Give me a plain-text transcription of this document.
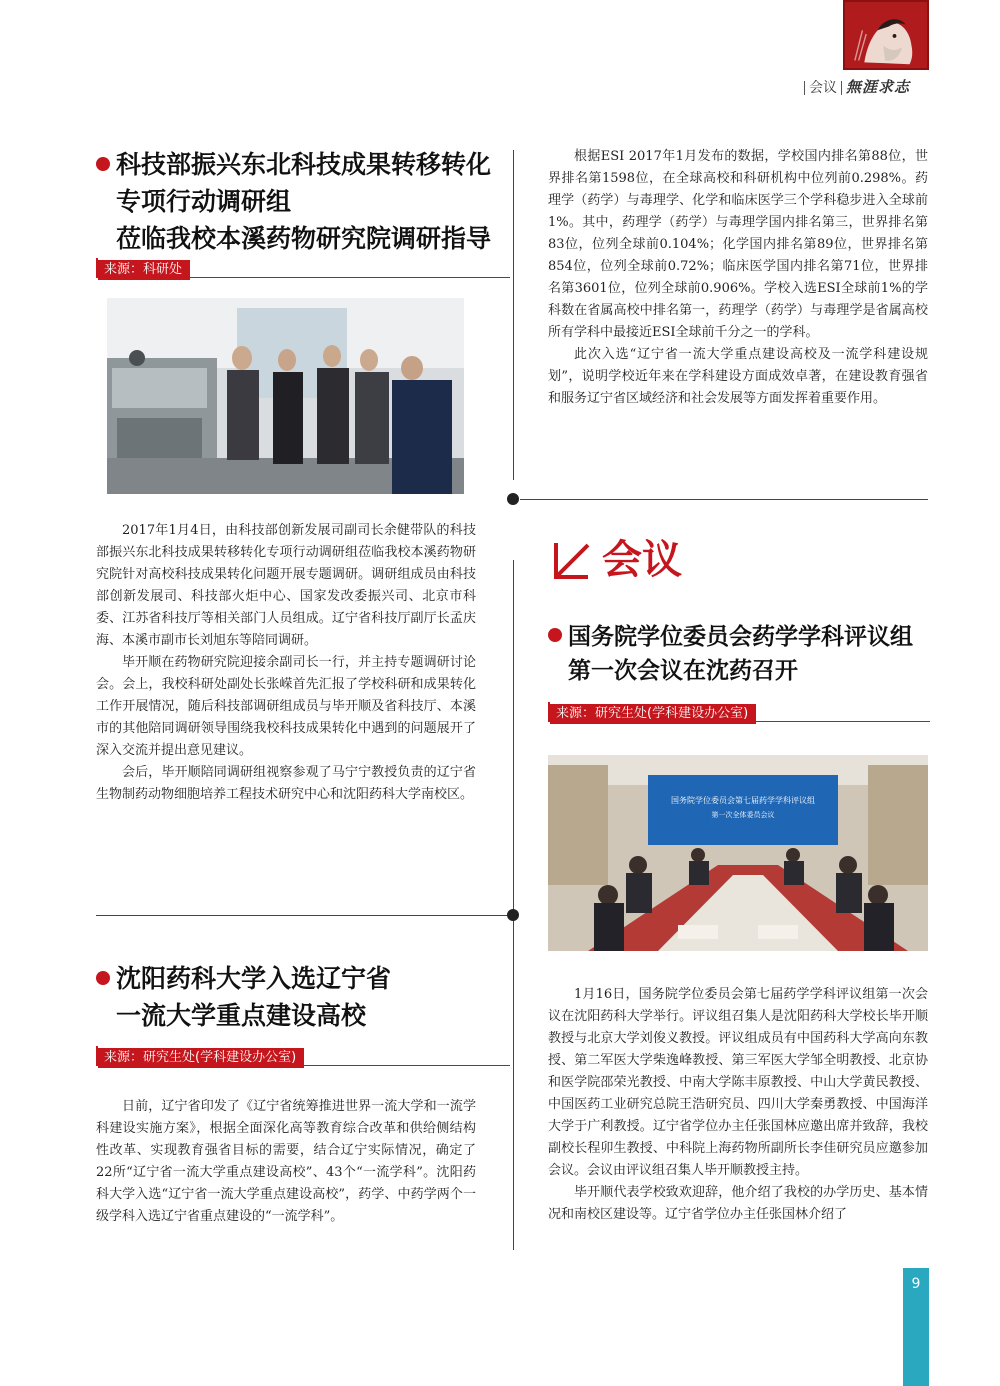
会议 無涯求志
科技部振兴东北科技成果转移转化
专项行动调研组
莅临我校本溪药物研究院调研指导
来源：科研处

2017年1月4日，由科技部创新发展司副司长余健带队的科技部振兴东北科技成果转移转化专项行动调研组莅临我校本溪药物研究院针对高校科技成果转化问题开展专题调研。调研组成员由科技部创新发展司、科技部火炬中心、国家发改委振兴司、北京市科委、江苏省科技厅等相关部门人员组成。辽宁省科技厅副厅长孟庆海、本溪市副市长刘旭东等陪同调研。

毕开顺在药物研究院迎接余副司长一行，并主持专题调研讨论会。会上，我校科研处副处长张嵘首先汇报了学校科研和成果转化工作开展情况，随后科技部调研组成员与毕开顺及省科技厅、本溪市的其他陪同调研领导围绕我校科技成果转化中遇到的问题展开了深入交流并提出意见建议。

会后，毕开顺陪同调研组视察参观了马宁宁教授负责的辽宁省生物制药动物细胞培养工程技术研究中心和沈阳药科大学南校区。

沈阳药科大学入选辽宁省
一流大学重点建设高校
来源：研究生处(学科建设办公室)

日前，辽宁省印发了《辽宁省统筹推进世界一流大学和一流学科建设实施方案》，根据全面深化高等教育综合改革和供给侧结构性改革、实现教育强省目标的需要，结合辽宁实际情况，确定了22所“辽宁省一流大学重点建设高校”、43个“一流学科”。沈阳药科大学入选“辽宁省一流大学重点建设高校”，药学、中药学两个一级学科入选辽宁省重点建设的“一流学科”。

根据ESI 2017年1月发布的数据，学校国内排名第88位，世界排名第1598位，在全球高校和科研机构中位列前0.298%。药理学（药学）与毒理学、化学和临床医学三个学科稳步进入全球前1%。其中，药理学（药学）与毒理学国内排名第三，世界排名第83位，位列全球前0.104%；化学国内排名第89位，世界排名第854位，位列全球前0.72%；临床医学国内排名第71位，世界排名第3601位，位列全球前0.906%。学校入选ESI全球前1%的学科数在省属高校中排名第一，药理学（药学）与毒理学是省属高校所有学科中最接近ESI全球前千分之一的学科。

此次入选“辽宁省一流大学重点建设高校及一流学科建设规划”，说明学校近年来在学科建设方面成效卓著，在建设教育强省和服务辽宁省区域经济和社会发展等方面发挥着重要作用。

会议
国务院学位委员会药学学科评议组
第一次会议在沈药召开
来源：研究生处(学科建设办公室)
国务院学位委员会第七届药学学科评议组
第一次全体委员会议

1月16日，国务院学位委员会第七届药学学科评议组第一次会议在沈阳药科大学举行。评议组召集人是沈阳药科大学校长毕开顺教授与北京大学刘俊义教授。评议组成员有中国药科大学高向东教授、第二军医大学柴逸峰教授、第三军医大学邹全明教授、北京协和医学院邵荣光教授、中南大学陈丰原教授、中山大学黄民教授、中国医药工业研究总院王浩研究员、四川大学秦勇教授、中国海洋大学于广利教授。辽宁省学位办主任张国林应邀出席并致辞，我校副校长程卯生教授、中科院上海药物所副所长李佳研究员应邀参加会议。会议由评议组召集人毕开顺教授主持。

毕开顺代表学校致欢迎辞，他介绍了我校的办学历史、基本情况和南校区建设等。辽宁省学位办主任张国林介绍了

9
